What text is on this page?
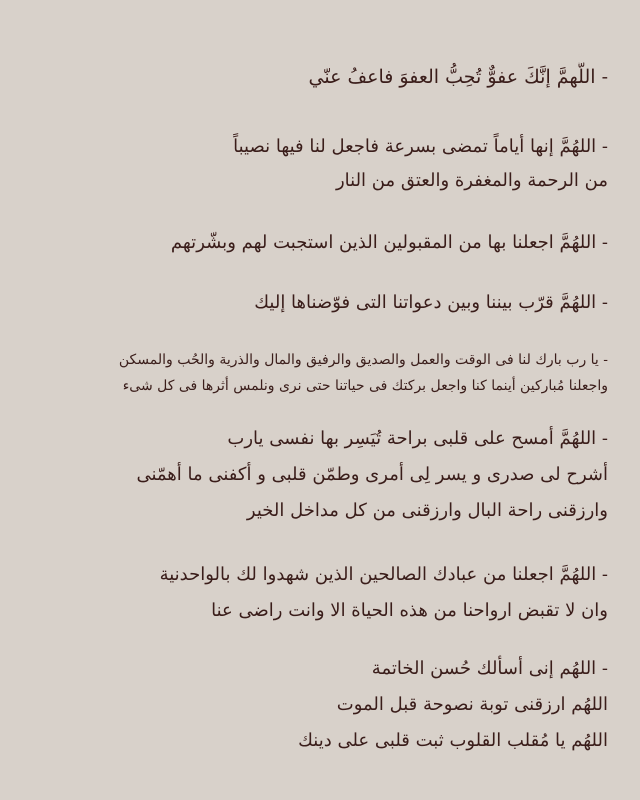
- اللَّهمَّ إنَّكَ عفوٌّ تُحِبُّ العفوَ فاعفُ عنّي
- اللهُمَّ إنها أياماً تمضى بسرعة فاجعل لنا فيها نصيباً
من الرحمة والمغفرة والعتق من النار
- اللهُمَّ اجعلنا بها من المقبولين الذين استجبت لهم وبشّرتهم
- اللهُمَّ قرّب بيننا وبين دعواتنا التى فوّضناها إليك
- يا رب بارك لنا فى الوقت والعمل والصديق والرفيق والمال والذرية والحُب والمسكن
واجعلنا مُباركين أينما كنا واجعل بركتك فى حياتنا حتى نرى ونلمس أثرها فى كل شىء
- اللهُمَّ أمسح على قلبى براحة تُيَسِر بها نفسى يارب
أشرح لى صدرى و يسر لِى أمرى وطمّن قلبى و أكفنى ما أهمّنى
وارزقنى راحة البال وارزقنى من كل مداخل الخير
- اللهُمَّ اجعلنا من عبادك الصالحين الذين شهدوا لك بالواحدنية
وان لا تقبض ارواحنا من هذه الحياة الا وانت راضى عنا
- اللهُم إنى أسألك حُسن الخاتمة
اللهُم ارزقنى توبة نصوحة قبل الموت
اللهُم يا مُقلب القلوب ثبت قلبى على دينك
